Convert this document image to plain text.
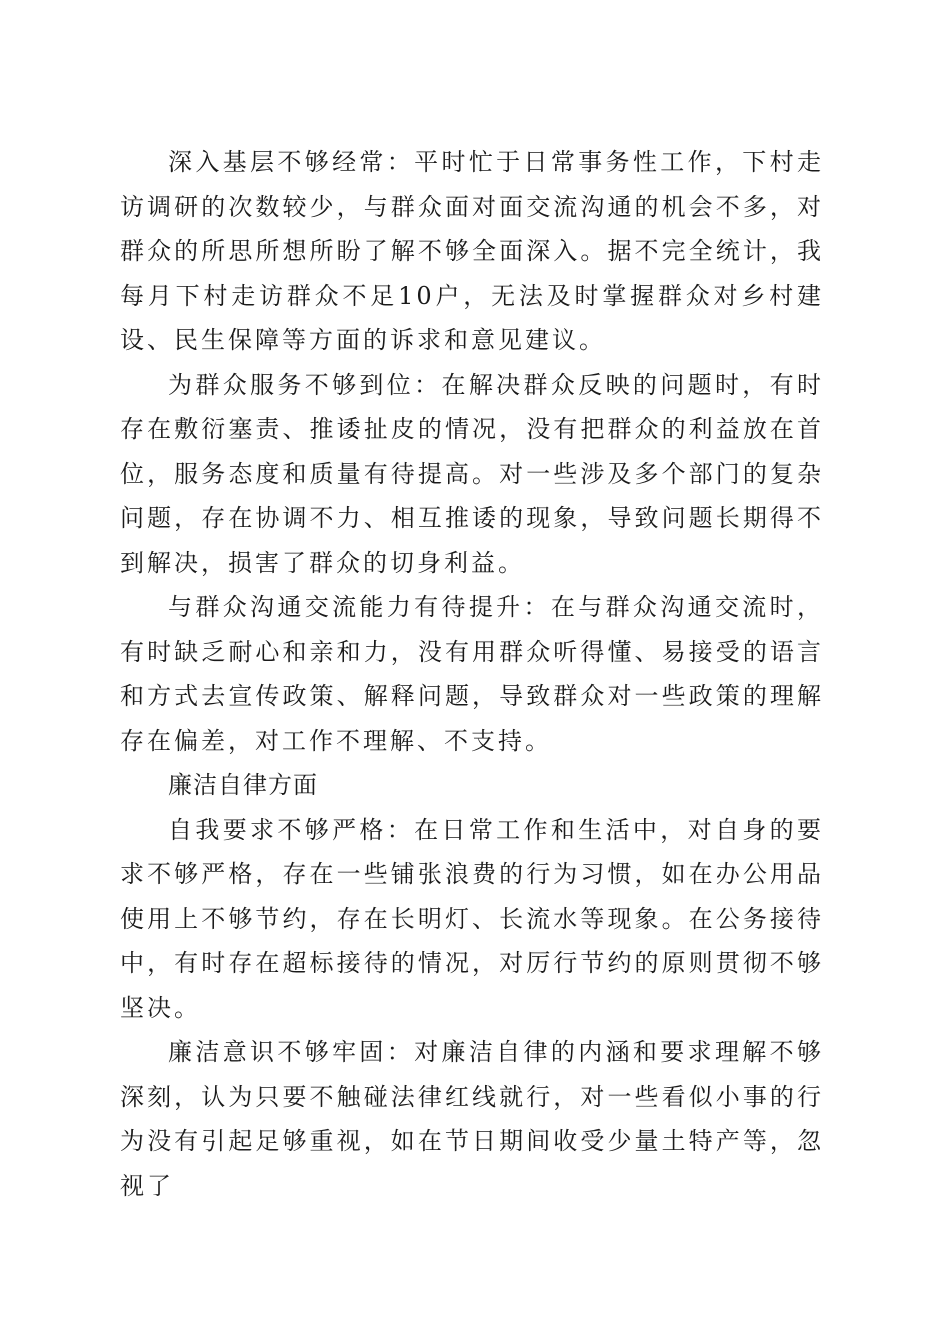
深入基层不够经常：平时忙于日常事务性工作，下村走访调研的次数较少，与群众面对面交流沟通的机会不多，对群众的所思所想所盼了解不够全面深入。据不完全统计，我每月下村走访群众不足10户，无法及时掌握群众对乡村建设、民生保障等方面的诉求和意见建议。

为群众服务不够到位：在解决群众反映的问题时，有时存在敷衍塞责、推诿扯皮的情况，没有把群众的利益放在首位，服务态度和质量有待提高。对一些涉及多个部门的复杂问题，存在协调不力、相互推诿的现象，导致问题长期得不到解决，损害了群众的切身利益。

与群众沟通交流能力有待提升：在与群众沟通交流时，有时缺乏耐心和亲和力，没有用群众听得懂、易接受的语言和方式去宣传政策、解释问题，导致群众对一些政策的理解存在偏差，对工作不理解、不支持。

廉洁自律方面

自我要求不够严格：在日常工作和生活中，对自身的要求不够严格，存在一些铺张浪费的行为习惯，如在办公用品使用上不够节约，存在长明灯、长流水等现象。在公务接待中，有时存在超标接待的情况，对厉行节约的原则贯彻不够坚决。

廉洁意识不够牢固：对廉洁自律的内涵和要求理解不够深刻，认为只要不触碰法律红线就行，对一些看似小事的行为没有引起足够重视，如在节日期间收受少量土特产等，忽视了
